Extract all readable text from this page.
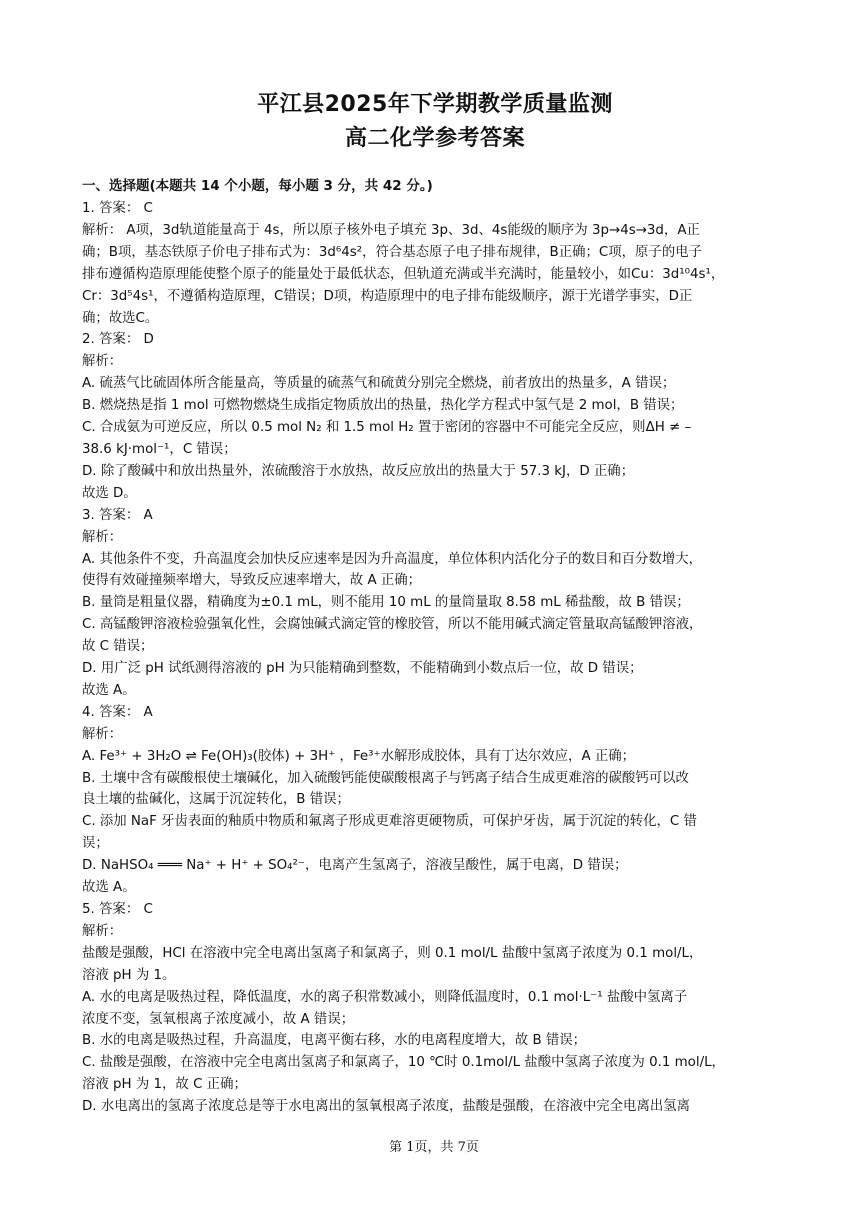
平江县2025年下学期教学质量监测
高二化学参考答案
一、选择题(本题共 14 个小题，每小题 3 分，共 42 分。)
1. 答案： C
解析： A项，3d轨道能量高于 4s，所以原子核外电子填充 3p、3d、4s能级的顺序为 3p→4s→3d，A正
确；B项，基态铁原子价电子排布式为：3d⁶4s²，符合基态原子电子排布规律，B正确；C项，原子的电子
排布遵循构造原理能使整个原子的能量处于最低状态，但轨道充满或半充满时，能量较小，如Cu：3d¹⁰4s¹，
Cr：3d⁵4s¹，不遵循构造原理，C错误；D项，构造原理中的电子排布能级顺序，源于光谱学事实，D正
确；故选C。
2. 答案： D
解析：
A. 硫蒸气比硫固体所含能量高，等质量的硫蒸气和硫黄分别完全燃烧，前者放出的热量多，A 错误；
B. 燃烧热是指 1 mol 可燃物燃烧生成指定物质放出的热量，热化学方程式中氢气是 2 mol，B 错误；
C. 合成氨为可逆反应，所以 0.5 mol N₂ 和 1.5 mol H₂ 置于密闭的容器中不可能完全反应，则ΔH ≠ –
38.6 kJ·mol⁻¹，C 错误；
D. 除了酸碱中和放出热量外，浓硫酸溶于水放热，故反应放出的热量大于 57.3 kJ，D 正确；
故选 D。
3. 答案： A
解析：
A. 其他条件不变，升高温度会加快反应速率是因为升高温度，单位体积内活化分子的数目和百分数增大，
使得有效碰撞频率增大，导致反应速率增大，故 A 正确；
B. 量筒是粗量仪器，精确度为±0.1 mL，则不能用 10 mL 的量筒量取 8.58 mL 稀盐酸，故 B 错误；
C. 高锰酸钾溶液检验强氧化性，会腐蚀碱式滴定管的橡胶管，所以不能用碱式滴定管量取高锰酸钾溶液，
故 C 错误；
D. 用广泛 pH 试纸测得溶液的 pH 为只能精确到整数，不能精确到小数点后一位，故 D 错误；
故选 A。
4. 答案： A
解析：
A. Fe³⁺ + 3H₂O ⇌ Fe(OH)₃(胶体) + 3H⁺ ，Fe³⁺水解形成胶体，具有丁达尔效应，A 正确；
B. 土壤中含有碳酸根使土壤碱化，加入硫酸钙能使碳酸根离子与钙离子结合生成更难溶的碳酸钙可以改
良土壤的盐碱化，这属于沉淀转化，B 错误；
C. 添加 NaF 牙齿表面的釉质中物质和氟离子形成更难溶更硬物质，可保护牙齿，属于沉淀的转化，C 错
误；
D. NaHSO₄ ═══ Na⁺ + H⁺ + SO₄²⁻，电离产生氢离子，溶液呈酸性，属于电离，D 错误；
故选 A。
5. 答案： C
解析：
盐酸是强酸，HCl 在溶液中完全电离出氢离子和氯离子，则 0.1 mol/L 盐酸中氢离子浓度为 0.1 mol/L，
溶液 pH 为 1。
A. 水的电离是吸热过程，降低温度，水的离子积常数减小，则降低温度时，0.1 mol·L⁻¹ 盐酸中氢离子
浓度不变，氢氧根离子浓度减小，故 A 错误；
B. 水的电离是吸热过程，升高温度，电离平衡右移，水的电离程度增大，故 B 错误；
C. 盐酸是强酸，在溶液中完全电离出氢离子和氯离子，10 ℃时 0.1mol/L 盐酸中氢离子浓度为 0.1 mol/L，
溶液 pH 为 1，故 C 正确；
D. 水电离出的氢离子浓度总是等于水电离出的氢氧根离子浓度，盐酸是强酸，在溶液中完全电离出氢离
第 1页，共 7页
